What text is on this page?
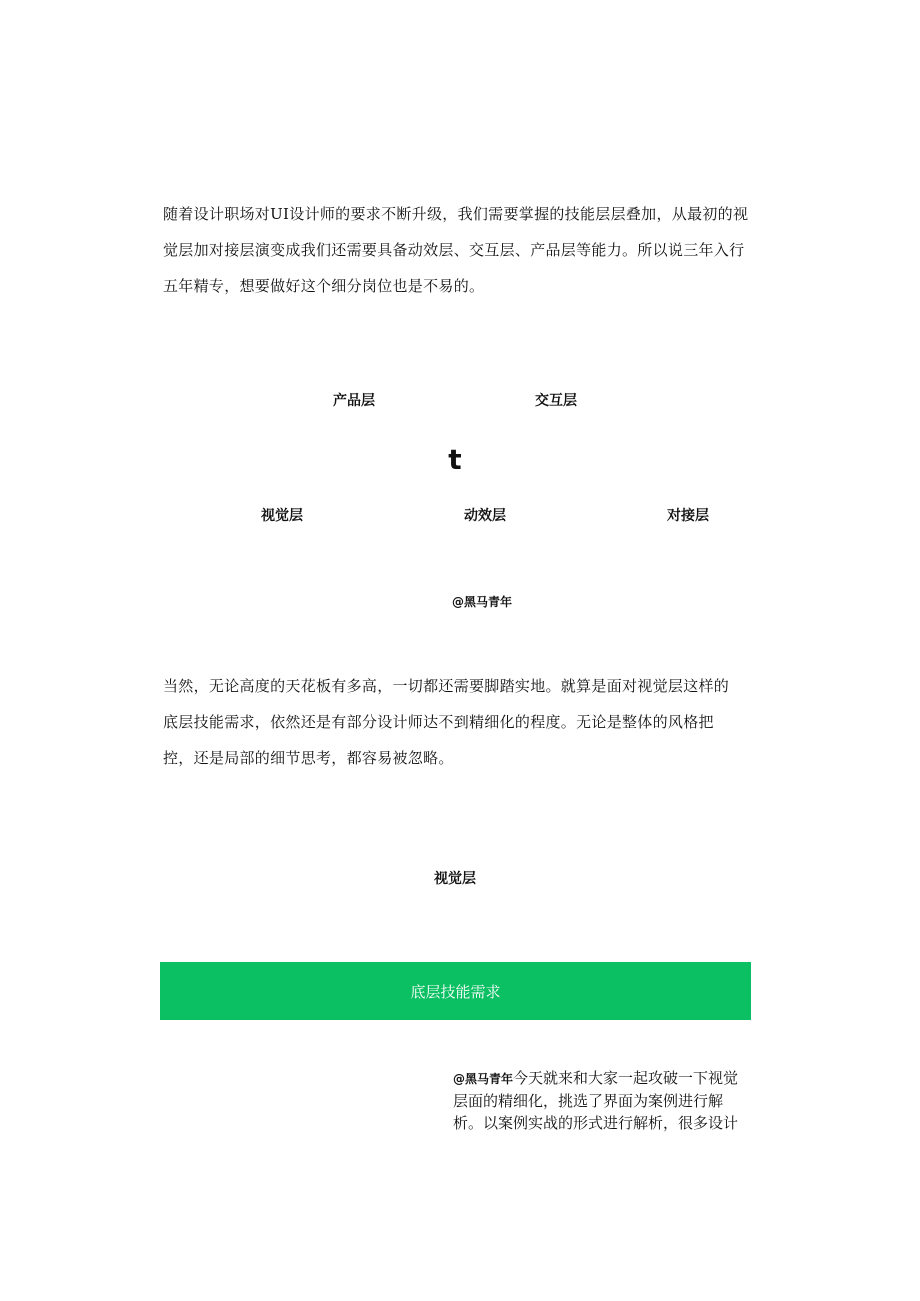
随着设计职场对UI设计师的要求不断升级，我们需要掌握的技能层层叠加，从最初的视觉层加对接层演变成我们还需要具备动效层、交互层、产品层等能力。所以说三年入行五年精专，想要做好这个细分岗位也是不易的。
产品层	交互层
t
视觉层	动效层	对接层
@黑马青年
当然，无论高度的天花板有多高，一切都还需要脚踏实地。就算是面对视觉层这样的底层技能需求，依然还是有部分设计师达不到精细化的程度。无论是整体的风格把控，还是局部的细节思考，都容易被忽略。
视觉层
底层技能需求
@黑马青年今天就来和大家一起攻破一下视觉层面的精细化，挑选了界面为案例进行解析。以案例实战的形式进行解析，很多设计
